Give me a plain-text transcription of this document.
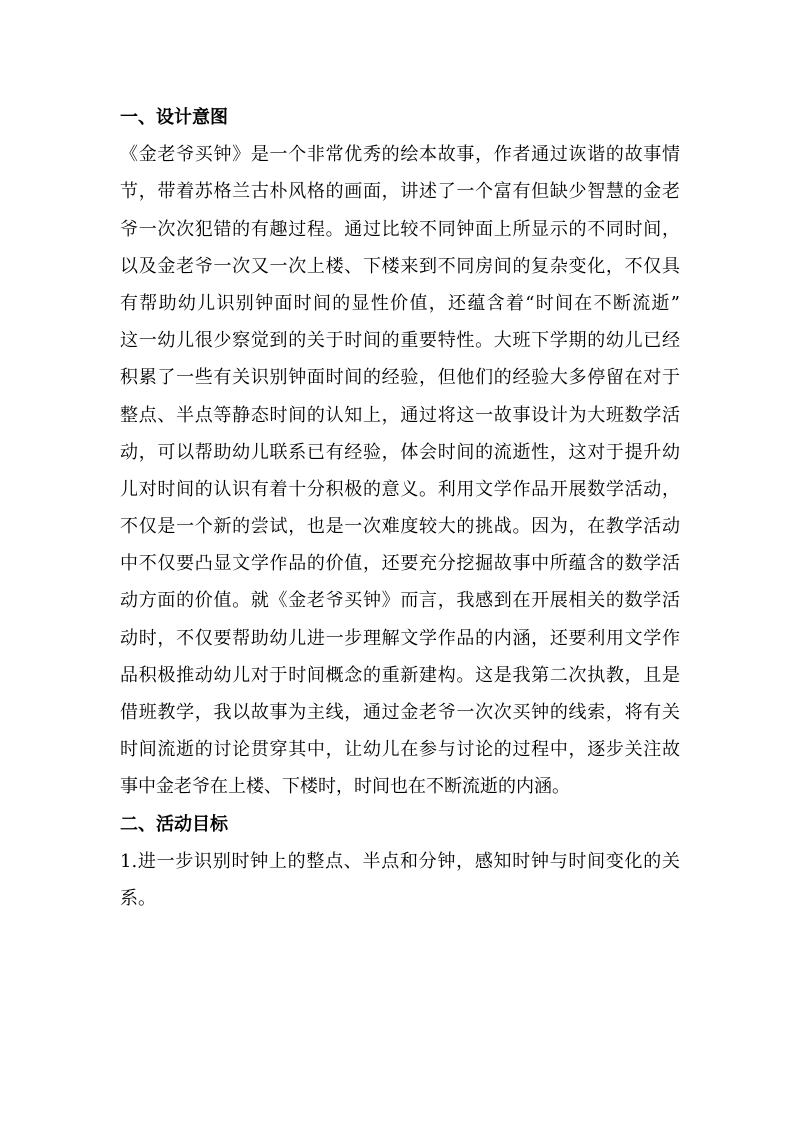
一、设计意图
《金老爷买钟》是一个非常优秀的绘本故事，作者通过诙谐的故事情
节，带着苏格兰古朴风格的画面，讲述了一个富有但缺少智慧的金老
爷一次次犯错的有趣过程。通过比较不同钟面上所显示的不同时间，
以及金老爷一次又一次上楼、下楼来到不同房间的复杂变化，不仅具
有帮助幼儿识别钟面时间的显性价值，还蕴含着“时间在不断流逝”
这一幼儿很少察觉到的关于时间的重要特性。大班下学期的幼儿已经
积累了一些有关识别钟面时间的经验，但他们的经验大多停留在对于
整点、半点等静态时间的认知上，通过将这一故事设计为大班数学活
动，可以帮助幼儿联系已有经验，体会时间的流逝性，这对于提升幼
儿对时间的认识有着十分积极的意义。利用文学作品开展数学活动，
不仅是一个新的尝试，也是一次难度较大的挑战。因为，在教学活动
中不仅要凸显文学作品的价值，还要充分挖掘故事中所蕴含的数学活
动方面的价值。就《金老爷买钟》而言，我感到在开展相关的数学活
动时，不仅要帮助幼儿进一步理解文学作品的内涵，还要利用文学作
品积极推动幼儿对于时间概念的重新建构。这是我第二次执教，且是
借班教学，我以故事为主线，通过金老爷一次次买钟的线索，将有关
时间流逝的讨论贯穿其中，让幼儿在参与讨论的过程中，逐步关注故
事中金老爷在上楼、下楼时，时间也在不断流逝的内涵。
二、活动目标
1.进一步识别时钟上的整点、半点和分钟，感知时钟与时间变化的关
系。
